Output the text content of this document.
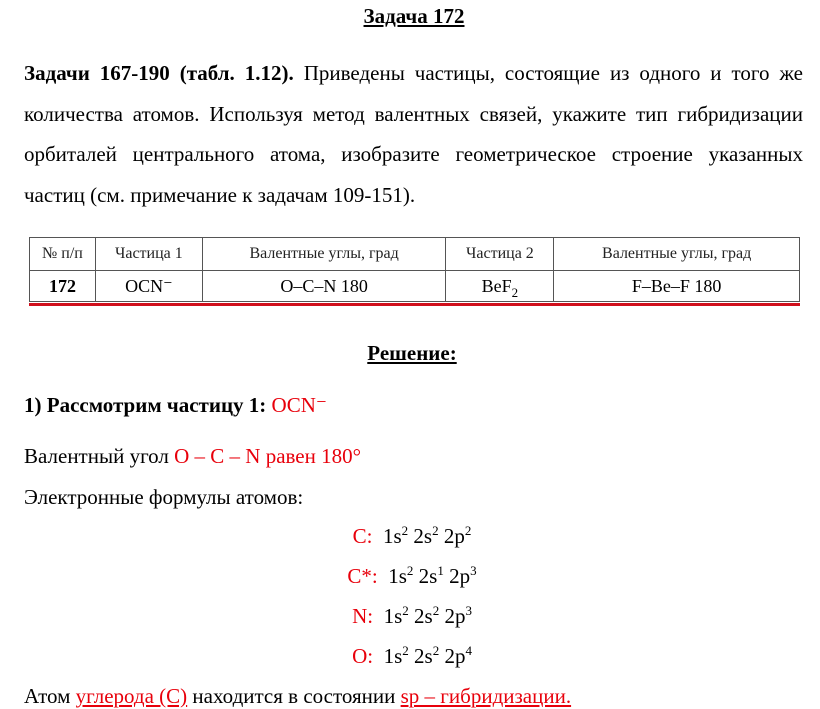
Задача 172
Задачи 167-190 (табл. 1.12). Приведены частицы, состоящие из одного и того же количества атомов. Используя метод валентных связей, укажите тип гибридизации орбиталей центрального атома, изобразите геометрическое строение указанных частиц (см. примечание к задачам 109-151).
№ п/п	Частица 1	Валентные углы, град	Частица 2	Валентные углы, град
172	OCN⁻	O–C–N 180	BeF$_2$	F–Be–F 180
Решение:
1) Рассмотрим частицу 1: OCN⁻
Валентный угол O – C – N равен 180°
Электронные формулы атомов:
C: $1s^2$ $2s^2$ $2p^2$
C*: $1s^2$ $2s^1$ $2p^3$
N: $1s^2$ $2s^2$ $2p^3$
O: $1s^2$ $2s^2$ $2p^4$
Атом углерода (C) находится в состоянии sp – гибридизации.
